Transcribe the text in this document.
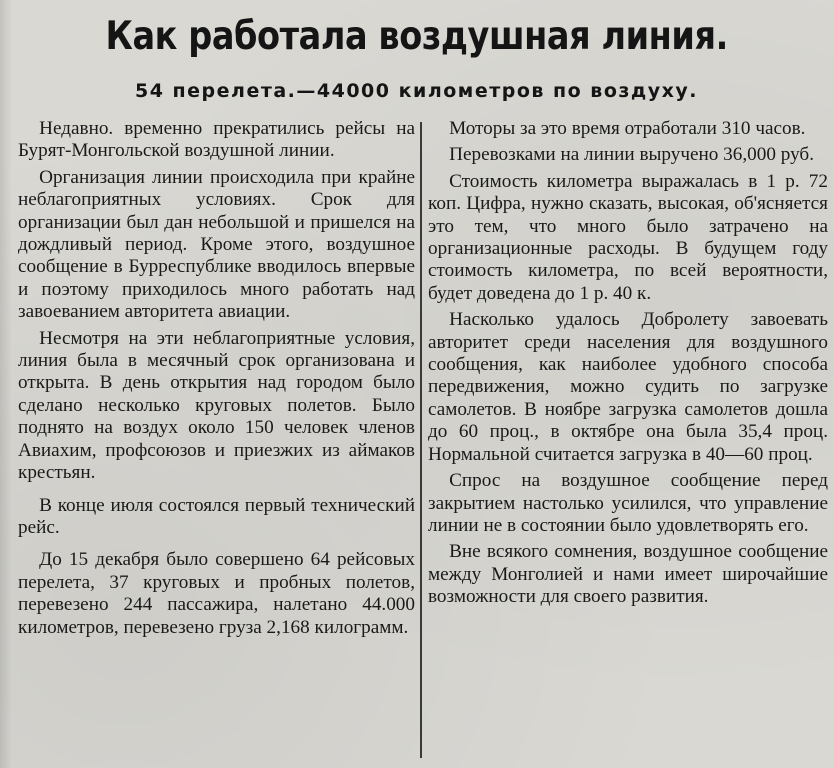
Как работала воздушная линия.
54 перелета.—44000 километров по воздуху.

Недавно. временно прекратились рейсы на Бурят-Монгольской воздушной линии.

Организация линии происходила при крайне неблагоприятных условиях. Срок для организации был дан небольшой и пришелся на дождливый период. Кроме этого, воздушное сообщение в Бурреспублике вводилось впервые и поэтому приходилось много работать над завоеванием авторитета авиации.

Несмотря на эти неблагоприятные условия, линия была в месячный срок организована и открыта. В день открытия над городом было сделано несколько круговых полетов. Было поднято на воздух около 150 человек членов Авиахим, профсоюзов и приезжих из аймаков крестьян.

В конце июля состоялся первый технический рейс.

До 15 декабря было совершено 64 рейсовых перелета, 37 круговых и пробных полетов, перевезено 244 пассажира, налетано 44.000 километров, перевезено груза 2,168 килограмм.

Моторы за это время отработали 310 часов.

Перевозками на линии выручено 36,000 руб.

Стоимость километра выражалась в 1 р. 72 коп. Цифра, нужно сказать, высокая, об'ясняется это тем, что много было затрачено на организационные расходы. В будущем году стоимость километра, по всей вероятности, будет доведена до 1 р. 40 к.

Насколько удалось Добролету завоевать авторитет среди населения для воздушного сообщения, как наиболее удобного способа передвижения, можно судить по загрузке самолетов. В ноябре загрузка самолетов дошла до 60 проц., в октябре она была 35,4 проц. Нормальной считается загрузка в 40—60 проц.

Спрос на воздушное сообщение перед закрытием настолько усилился, что управление линии не в состоянии было удовлетворять его.

Вне всякого сомнения, воздушное сообщение между Монголией и нами имеет широчайшие возможности для своего развития.
